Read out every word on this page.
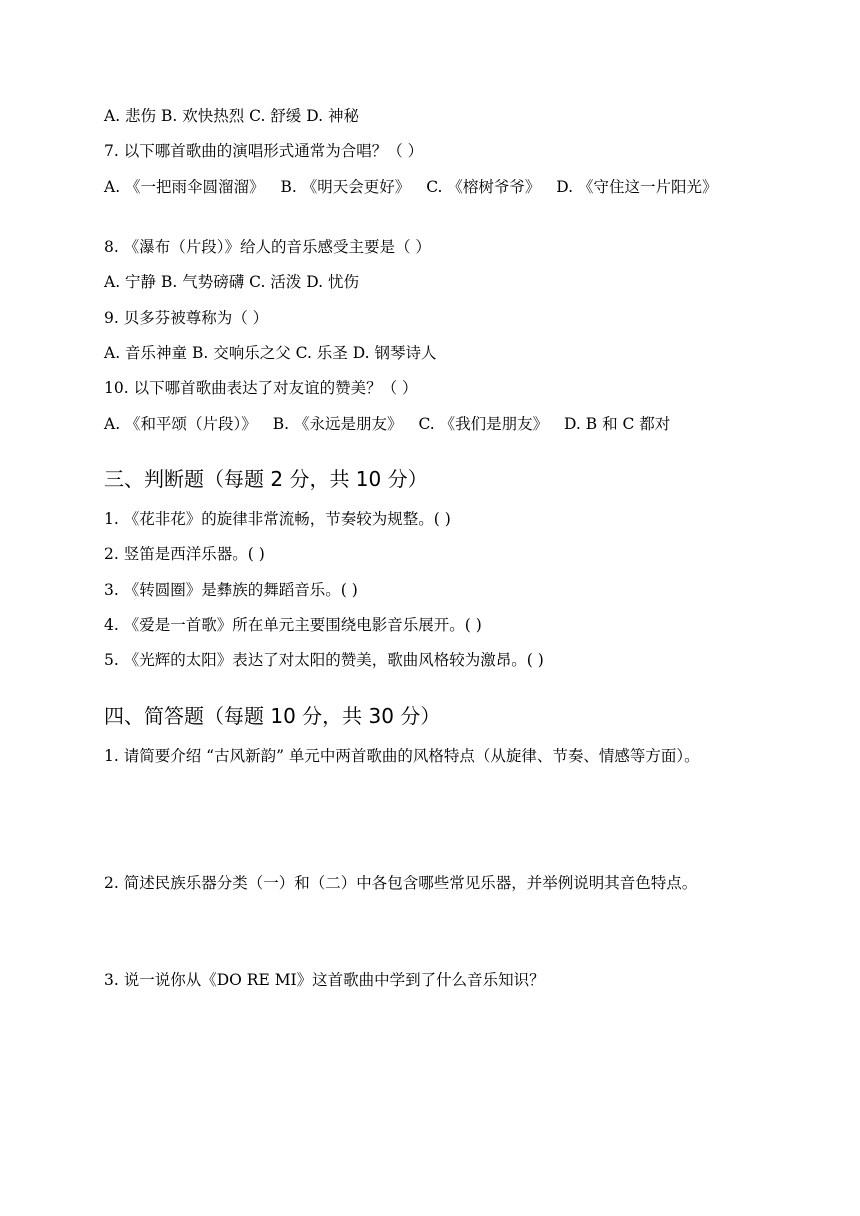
A. 悲伤 B. 欢快热烈 C. 舒缓 D. 神秘
7. 以下哪首歌曲的演唱形式通常为合唱？（ ）
A. 《一把雨伞圆溜溜》 B. 《明天会更好》 C. 《榕树爷爷》 D. 《守住这一片阳光》
8. 《瀑布（片段）》给人的音乐感受主要是（ ）
A. 宁静 B. 气势磅礴 C. 活泼 D. 忧伤
9. 贝多芬被尊称为（ ）
A. 音乐神童 B. 交响乐之父 C. 乐圣 D. 钢琴诗人
10. 以下哪首歌曲表达了对友谊的赞美？（ ）
A. 《和平颂（片段）》 B. 《永远是朋友》 C. 《我们是朋友》 D. B 和 C 都对
三、判断题（每题 2 分，共 10 分）
1. 《花非花》的旋律非常流畅，节奏较为规整。( )
2. 竖笛是西洋乐器。( )
3. 《转圆圈》是彝族的舞蹈音乐。( )
4. 《爱是一首歌》所在单元主要围绕电影音乐展开。( )
5. 《光辉的太阳》表达了对太阳的赞美，歌曲风格较为激昂。( )
四、简答题（每题 10 分，共 30 分）
1. 请简要介绍 “古风新韵” 单元中两首歌曲的风格特点（从旋律、节奏、情感等方面）。
2. 简述民族乐器分类（一）和（二）中各包含哪些常见乐器，并举例说明其音色特点。
3. 说一说你从《DO RE MI》这首歌曲中学到了什么音乐知识？
